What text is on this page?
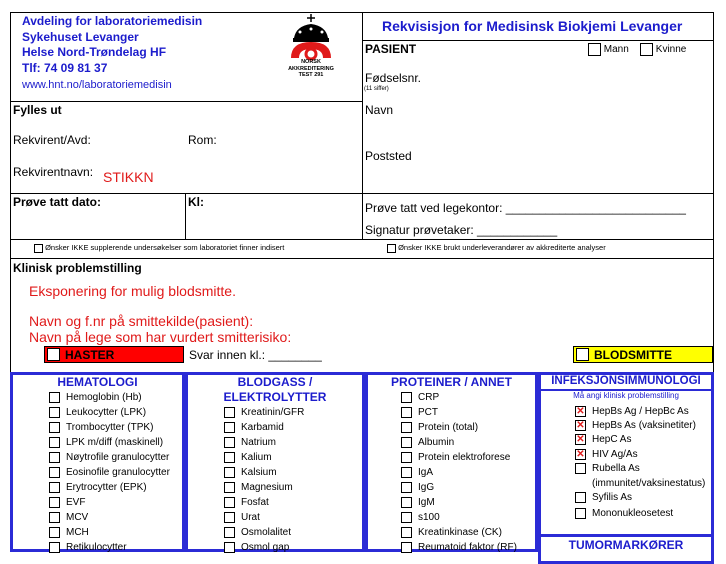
Avdeling for laboratoriemedisin
Sykehuset Levanger
Helse Nord-Trøndelag HF
Tlf: 74 09 81 37
www.hnt.no/laboratoriemedisin
NORSK
AKKREDITERING
TEST 291
Rekvisisjon for Medisinsk Biokjemi Levanger
PASIENT	Mann	Kvinne
Fødselsnr.
(11 siffer)
Navn
Poststed
Prøve tatt ved legekontor: ___________________________
Signatur prøvetaker: ____________
Fylles ut
Rekvirent/Avd:	Rom:
Rekvirentnavn: STIKKN
Prøve tatt dato:	Kl:
Ønsker IKKE supplerende undersøkelser som laboratoriet finner indisert	Ønsker IKKE brukt underleverandører av akkrediterte analyser
Klinisk problemstilling
Eksponering for mulig blodsmitte.
Navn og f.nr på smittekilde(pasient):
Navn på lege som har vurdert smitterisiko:
HASTER	Svar innen kl.: ________	BLODSMITTE
HEMATOLOGI
Hemoglobin (Hb)
Leukocytter (LPK)
Trombocytter (TPK)
LPK m/diff (maskinell)
Nøytrofile granulocytter
Eosinofile granulocytter
Erytrocytter (EPK)
EVF
MCV
MCH
Retikulocytter
BLODGASS /
ELEKTROLYTTER
Kreatinin/GFR
Karbamid
Natrium
Kalium
Kalsium
Magnesium
Fosfat
Urat
Osmolalitet
Osmol gap
PROTEINER / ANNET
CRP
PCT
Protein (total)
Albumin
Protein elektroforese
IgA
IgG
IgM
s100
Kreatinkinase (CK)
Reumatoid faktor (RF)
INFEKSJONSIMMUNOLOGI
Må angi klinisk problemstilling
✕HepBs Ag / HepBc As
✕HepBs As (vaksinetiter)
✕HepC As
✕HIV Ag/As
Rubella As
(immunitet/vaksinestatus)
Syfilis As
Mononukleosetest
TUMORMARKØRER
